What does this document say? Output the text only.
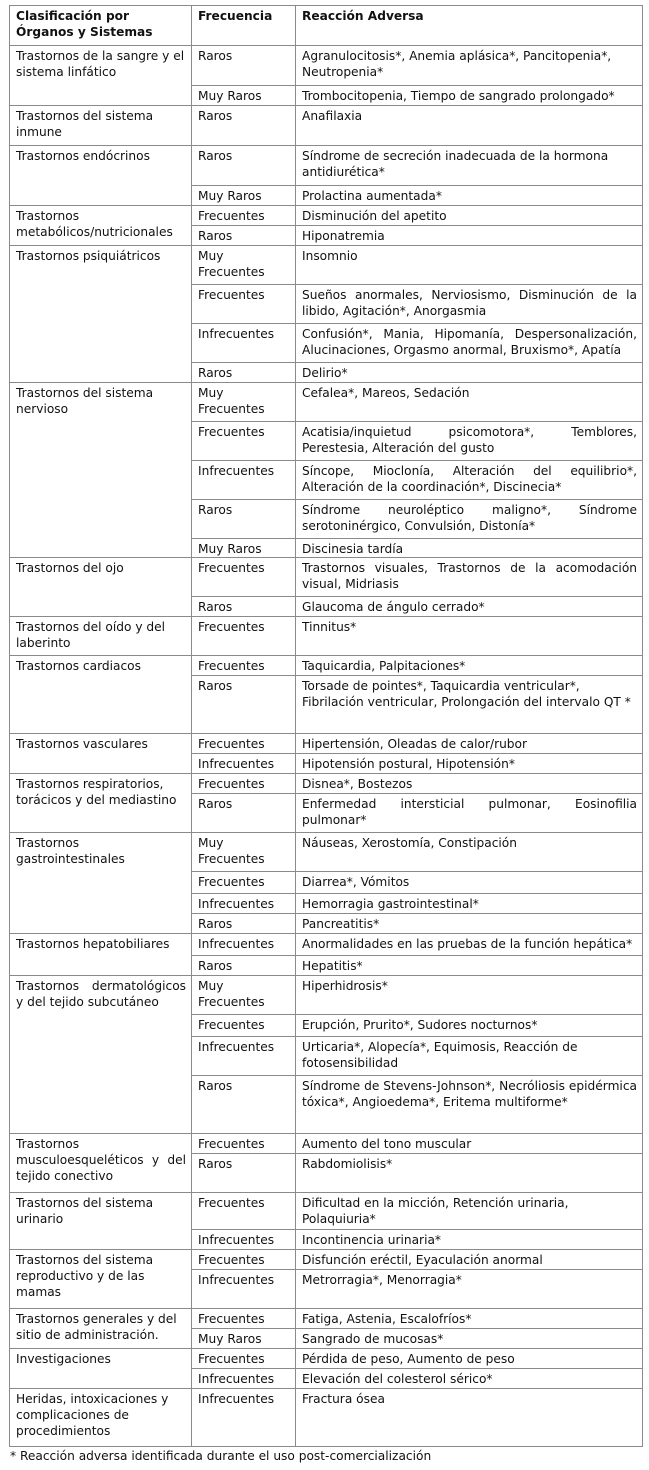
Clasificación por Órganos y Sistemas	Frecuencia	Reacción Adversa
Trastornos de la sangre y el sistema linfático	Raros	Agranulocitosis*, Anemia aplásica*, Pancitopenia*, Neutropenia*
	Muy Raros	Trombocitopenia, Tiempo de sangrado prolongado*
Trastornos del sistema inmune	Raros	Anafilaxia
Trastornos endócrinos	Raros	Síndrome de secreción inadecuada de la hormona antidiurética*
	Muy Raros	Prolactina aumentada*
Trastornos metabólicos/nutricionales	Frecuentes	Disminución del apetito
	Raros	Hiponatremia
Trastornos psiquiátricos	Muy Frecuentes	Insomnio
	Frecuentes	Sueños anormales, Nerviosismo, Disminución de la libido, Agitación*, Anorgasmia
	Infrecuentes	Confusión*, Mania, Hipomanía, Despersonalización, Alucinaciones, Orgasmo anormal, Bruxismo*, Apatía
	Raros	Delirio*
Trastornos del sistema nervioso	Muy Frecuentes	Cefalea*, Mareos, Sedación
	Frecuentes	Acatisia/inquietud psicomotora*, Temblores, Perestesia, Alteración del gusto
	Infrecuentes	Síncope, Mioclonía, Alteración del equilibrio*, Alteración de la coordinación*, Discinecia*
	Raros	Síndrome neuroléptico maligno*, Síndrome serotoninérgico, Convulsión, Distonía*
	Muy Raros	Discinesia tardía
Trastornos del ojo	Frecuentes	Trastornos visuales, Trastornos de la acomodación visual, Midriasis
	Raros	Glaucoma de ángulo cerrado*
Trastornos del oído y del laberinto	Frecuentes	Tinnitus*
Trastornos cardiacos	Frecuentes	Taquicardia, Palpitaciones*
	Raros	Torsade de pointes*, Taquicardia ventricular*, Fibrilación ventricular, Prolongación del intervalo QT *
Trastornos vasculares	Frecuentes	Hipertensión, Oleadas de calor/rubor
	Infrecuentes	Hipotensión postural, Hipotensión*
Trastornos respiratorios, torácicos y del mediastino	Frecuentes	Disnea*, Bostezos
	Raros	Enfermedad intersticial pulmonar, Eosinofilia pulmonar*
Trastornos gastrointestinales	Muy Frecuentes	Náuseas, Xerostomía, Constipación
	Frecuentes	Diarrea*, Vómitos
	Infrecuentes	Hemorragia gastrointestinal*
	Raros	Pancreatitis*
Trastornos hepatobiliares	Infrecuentes	Anormalidades en las pruebas de la función hepática*
	Raros	Hepatitis*
Trastornos dermatológicos y del tejido subcutáneo	Muy Frecuentes	Hiperhidrosis*
	Frecuentes	Erupción, Prurito*, Sudores nocturnos*
	Infrecuentes	Urticaria*, Alopecía*, Equimosis, Reacción de fotosensibilidad
	Raros	Síndrome de Stevens-Johnson*, Necróliosis epidérmica tóxica*, Angioedema*, Eritema multiforme*
Trastornos musculoesqueléticos y del tejido conectivo	Frecuentes	Aumento del tono muscular
	Raros	Rabdomiolisis*
Trastornos del sistema urinario	Frecuentes	Dificultad en la micción, Retención urinaria, Polaquiuria*
	Infrecuentes	Incontinencia urinaria*
Trastornos del sistema reproductivo y de las mamas	Frecuentes	Disfunción eréctil, Eyaculación anormal
	Infrecuentes	Metrorragia*, Menorragia*
Trastornos generales y del sitio de administración.	Frecuentes	Fatiga, Astenia, Escalofríos*
	Muy Raros	Sangrado de mucosas*
Investigaciones	Frecuentes	Pérdida de peso, Aumento de peso
	Infrecuentes	Elevación del colesterol sérico*
Heridas, intoxicaciones y complicaciones de procedimientos	Infrecuentes	Fractura ósea
* Reacción adversa identificada durante el uso post-comercialización
